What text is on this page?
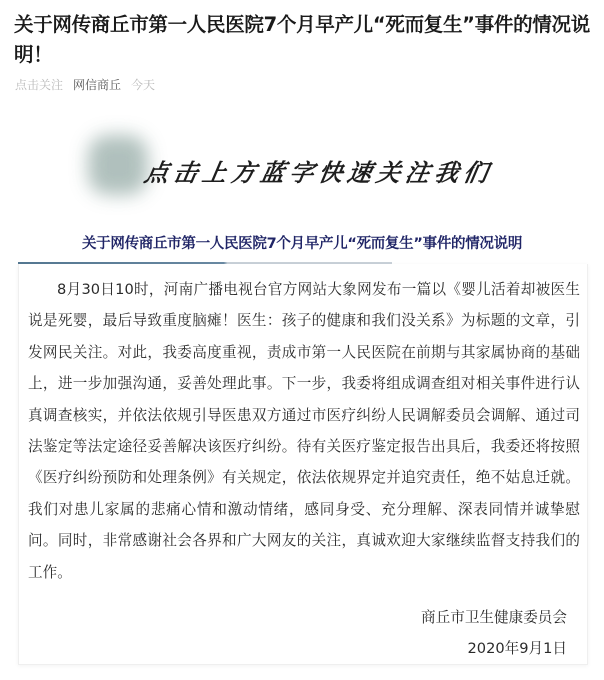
关于网传商丘市第一人民医院7个月早产儿“死而复生”事件的情况说明！
点击关注 网信商丘 今天
点击上方蓝字快速关注我们
关于网传商丘市第一人民医院7个月早产儿“死而复生”事件的情况说明

8月30日10时，河南广播电视台官方网站大象网发布一篇以《婴儿活着却被医生说是死婴，最后导致重度脑瘫！医生：孩子的健康和我们没关系》为标题的文章，引发网民关注。对此，我委高度重视，责成市第一人民医院在前期与其家属协商的基础上，进一步加强沟通，妥善处理此事。下一步，我委将组成调查组对相关事件进行认真调查核实，并依法依规引导医患双方通过市医疗纠纷人民调解委员会调解、通过司法鉴定等法定途径妥善解决该医疗纠纷。待有关医疗鉴定报告出具后，我委还将按照《医疗纠纷预防和处理条例》有关规定，依法依规界定并追究责任，绝不姑息迁就。我们对患儿家属的悲痛心情和激动情绪，感同身受、充分理解、深表同情并诚挚慰问。同时，非常感谢社会各界和广大网友的关注，真诚欢迎大家继续监督支持我们的工作。

商丘市卫生健康委员会
2020年9月1日
